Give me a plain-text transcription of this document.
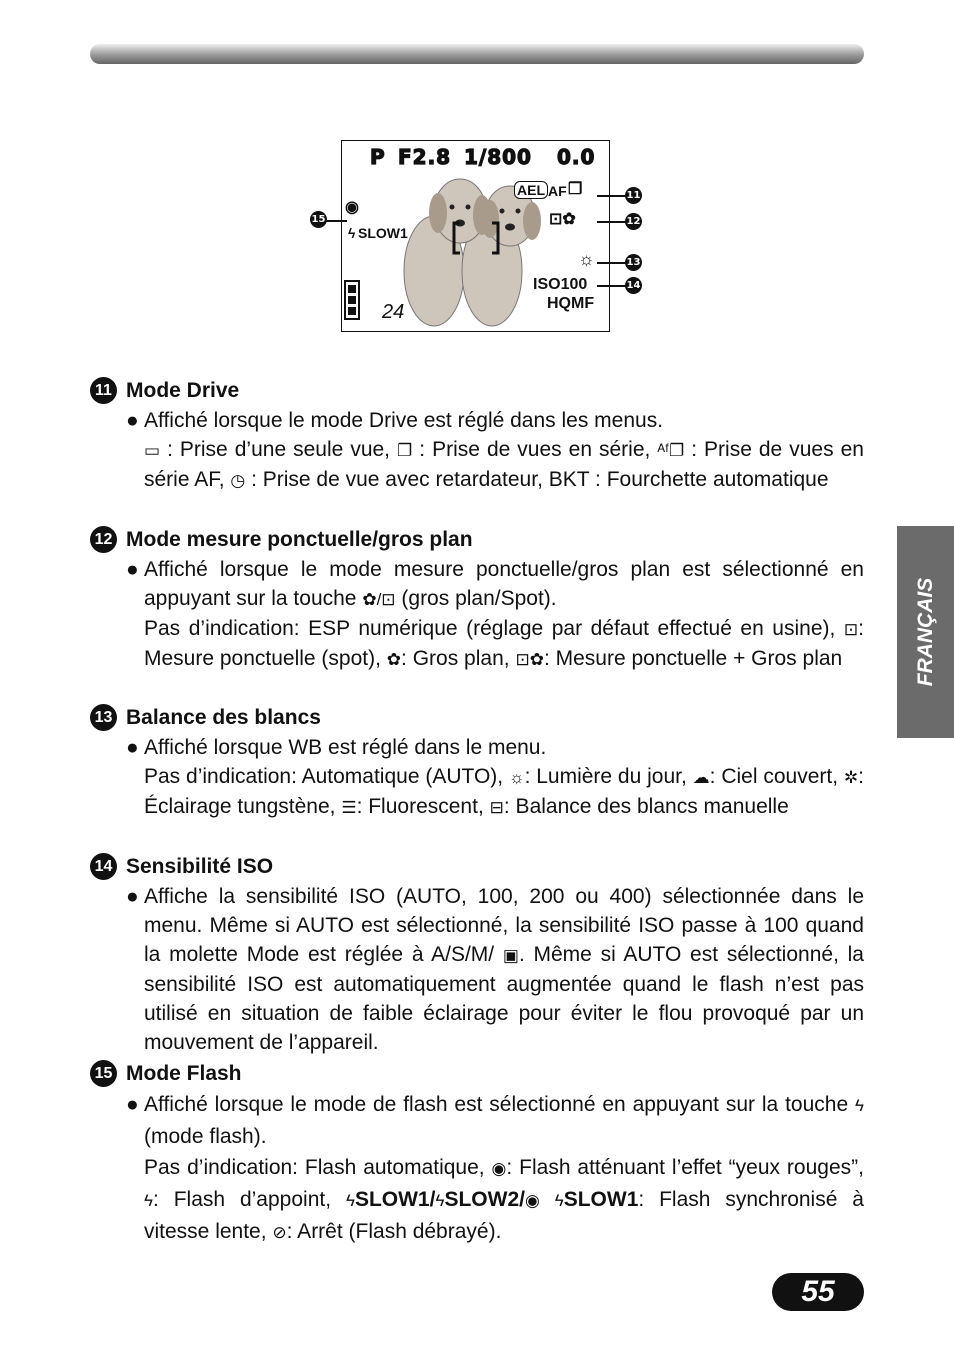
P F2.8 1/800 0.0
AEL AF ❐
⊡✿
☼
ISO100
HQMF
◉
ϟ SLOW1
24
11
12
13
14
15
11 Mode Drive
● Affiché lorsque le mode Drive est réglé dans les menus.
▭ : Prise d’une seule vue, ❐ : Prise de vues en série, ᴬᶠ❐ : Prise de vues en série AF, ◷ : Prise de vue avec retardateur, BKT : Fourchette automatique
12 Mode mesure ponctuelle/gros plan
● Affiché lorsque le mode mesure ponctuelle/gros plan est sélectionné en appuyant sur la touche ✿/⊡ (gros plan/Spot).
Pas d’indication: ESP numérique (réglage par défaut effectué en usine), ⊡: Mesure ponctuelle (spot), ✿: Gros plan, ⊡✿: Mesure ponctuelle + Gros plan
13 Balance des blancs
● Affiché lorsque WB est réglé dans le menu.
Pas d’indication: Automatique (AUTO), ☼: Lumière du jour, ☁: Ciel couvert, ✲: Éclairage tungstène, ☰: Fluorescent, ⊟: Balance des blancs manuelle
14 Sensibilité ISO
● Affiche la sensibilité ISO (AUTO, 100, 200 ou 400) sélectionnée dans le menu. Même si AUTO est sélectionné, la sensibilité ISO passe à 100 quand la molette Mode est réglée à A/S/M/ ▣. Même si AUTO est sélectionné, la sensibilité ISO est automatiquement augmentée quand le flash n’est pas utilisé en situation de faible éclairage pour éviter le flou provoqué par un mouvement de l’appareil.
15 Mode Flash
● Affiché lorsque le mode de flash est sélectionné en appuyant sur la touche ϟ (mode flash).
Pas d’indication: Flash automatique, ◉: Flash atténuant l’effet “yeux rouges”, ϟ: Flash d’appoint, ϟSLOW1/ϟSLOW2/◉ ϟSLOW1: Flash synchronisé à vitesse lente, ⊘: Arrêt (Flash débrayé).
FRANÇAIS
55
